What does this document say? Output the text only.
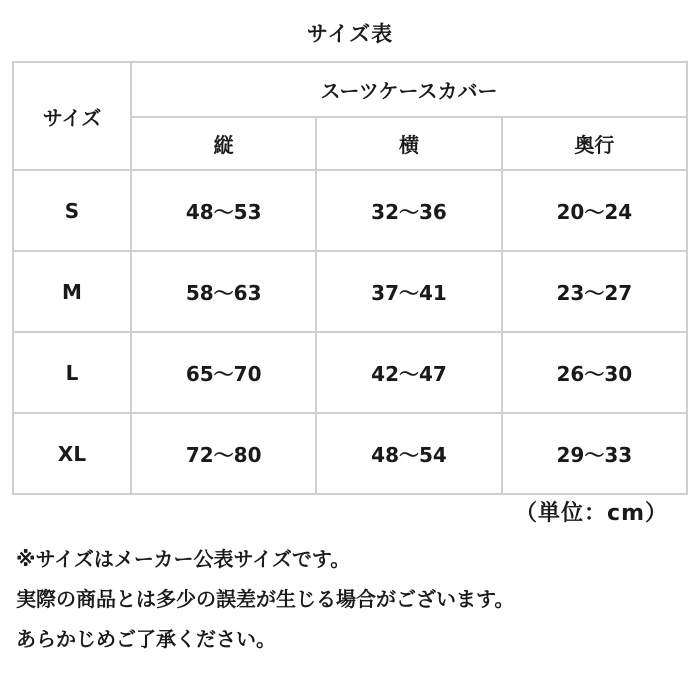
サイズ表
サイズ	スーツケースカバー		
	縦	横	奥行
S	48〜53	32〜36	20〜24
M	58〜63	37〜41	23〜27
L	65〜70	42〜47	26〜30
XL	72〜80	48〜54	29〜33
（単位：cm）
※サイズはメーカー公表サイズです。
実際の商品とは多少の誤差が生じる場合がございます。
あらかじめご了承ください。
